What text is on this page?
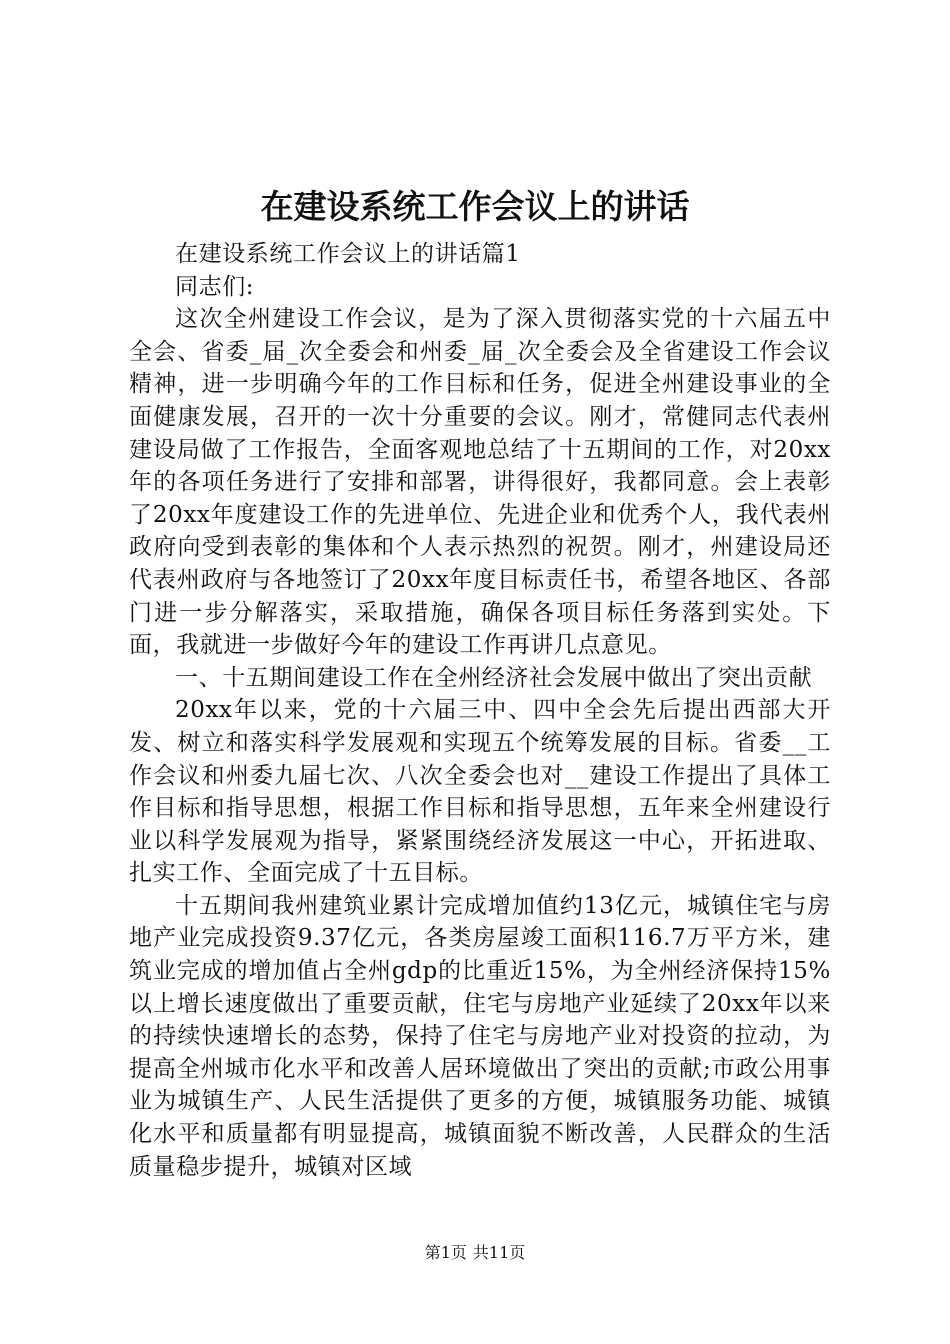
在建设系统工作会议上的讲话

在建设系统工作会议上的讲话篇1

同志们:

这次全州建设工作会议，是为了深入贯彻落实党的十六届五中全会、省委_届_次全委会和州委_届_次全委会及全省建设工作会议精神，进一步明确今年的工作目标和任务，促进全州建设事业的全面健康发展，召开的一次十分重要的会议。刚才，常健同志代表州建设局做了工作报告，全面客观地总结了十五期间的工作，对20xx年的各项任务进行了安排和部署，讲得很好，我都同意。会上表彰了20xx年度建设工作的先进单位、先进企业和优秀个人，我代表州政府向受到表彰的集体和个人表示热烈的祝贺。刚才，州建设局还代表州政府与各地签订了20xx年度目标责任书，希望各地区、各部门进一步分解落实，采取措施，确保各项目标任务落到实处。下面，我就进一步做好今年的建设工作再讲几点意见。

一、十五期间建设工作在全州经济社会发展中做出了突出贡献

20xx年以来，党的十六届三中、四中全会先后提出西部大开发、树立和落实科学发展观和实现五个统筹发展的目标。省委__工作会议和州委九届七次、八次全委会也对__建设工作提出了具体工作目标和指导思想，根据工作目标和指导思想，五年来全州建设行业以科学发展观为指导，紧紧围绕经济发展这一中心，开拓进取、扎实工作、全面完成了十五目标。

十五期间我州建筑业累计完成增加值约13亿元，城镇住宅与房地产业完成投资9.37亿元，各类房屋竣工面积116.7万平方米，建筑业完成的增加值占全州gdp的比重近15%，为全州经济保持15%以上增长速度做出了重要贡献，住宅与房地产业延续了20xx年以来的持续快速增长的态势，保持了住宅与房地产业对投资的拉动，为提高全州城市化水平和改善人居环境做出了突出的贡献;市政公用事业为城镇生产、人民生活提供了更多的方便，城镇服务功能、城镇化水平和质量都有明显提高，城镇面貌不断改善，人民群众的生活质量稳步提升，城镇对区域

第1页 共11页
